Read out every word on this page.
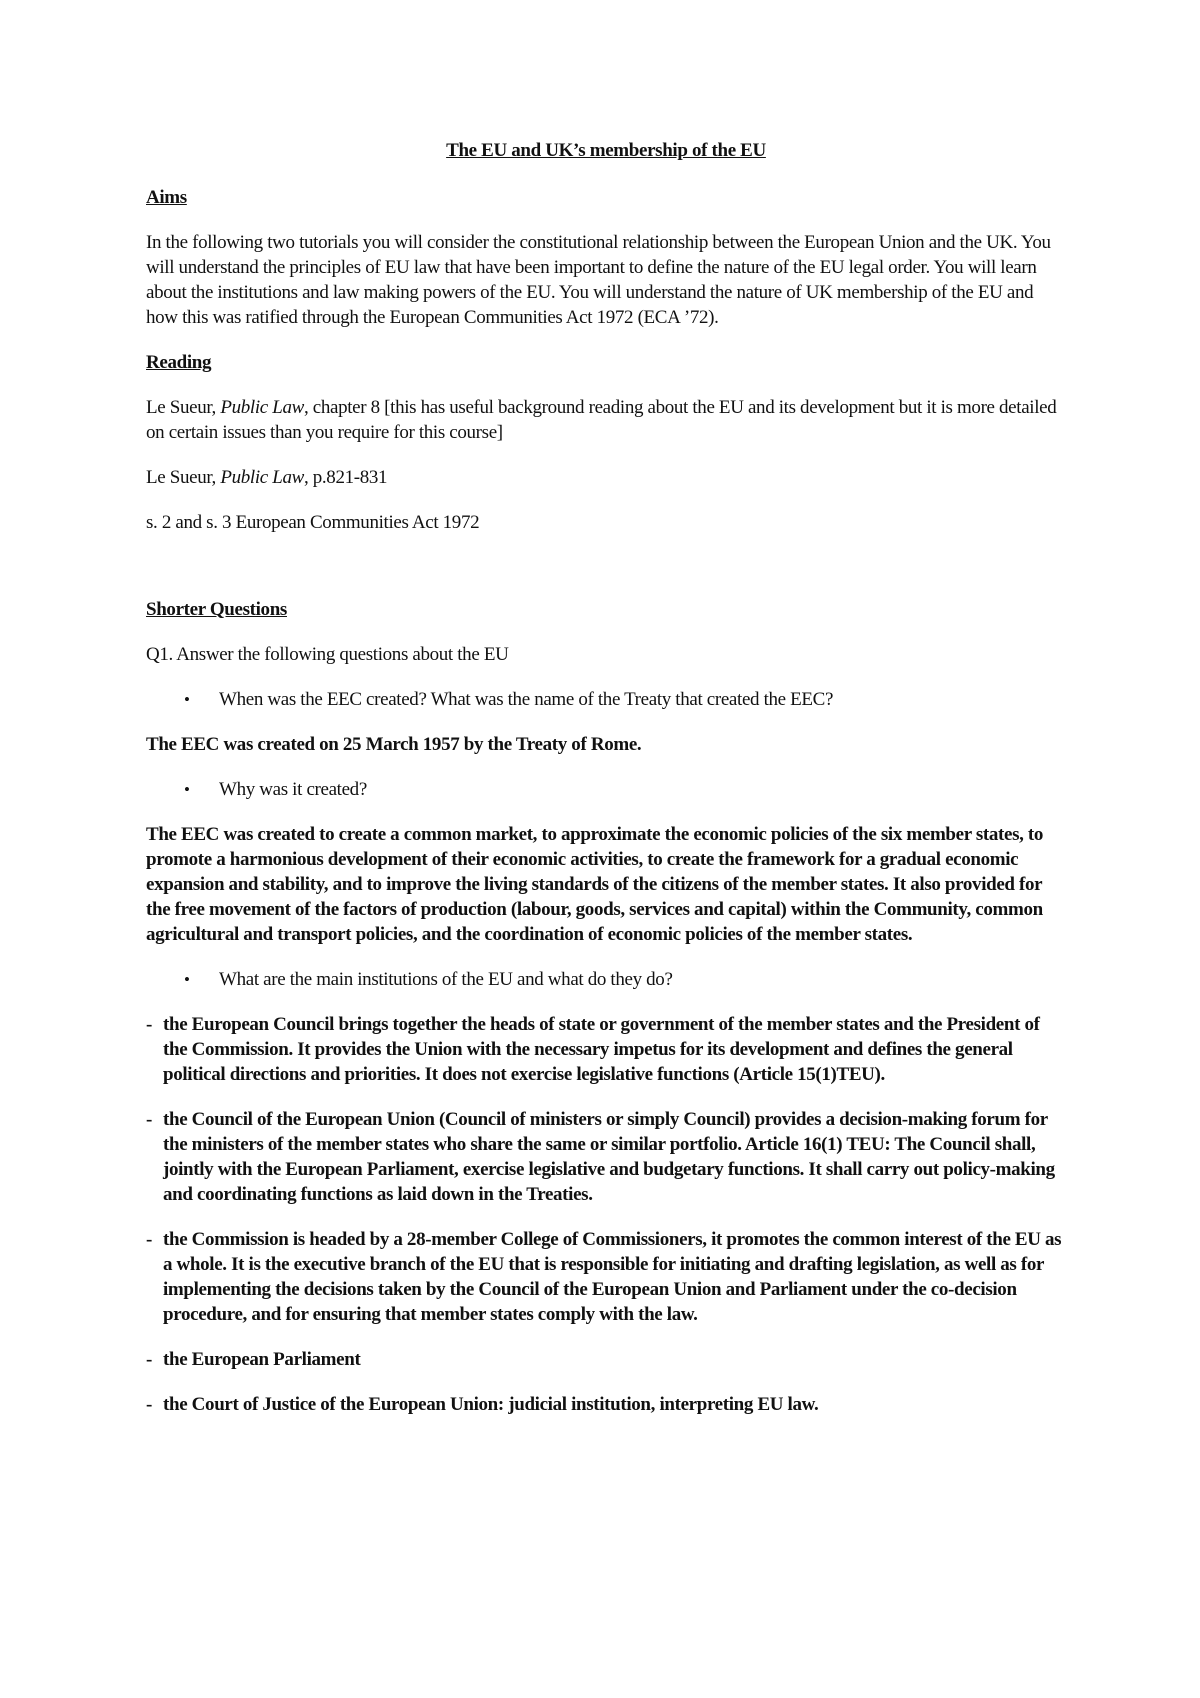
The EU and UK’s membership of the EU
Aims

In the following two tutorials you will consider the constitutional relationship between the European Union and the UK. You will understand the principles of EU law that have been important to define the nature of the EU legal order. You will learn about the institutions and law making powers of the EU. You will understand the nature of UK membership of the EU and how this was ratified through the European Communities Act 1972 (ECA ’72).

Reading

Le Sueur, Public Law, chapter 8 [this has useful background reading about the EU and its development but it is more detailed on certain issues than you require for this course]

Le Sueur, Public Law, p.821-831

s. 2 and s. 3 European Communities Act 1972

Shorter Questions

Q1. Answer the following questions about the EU

• When was the EEC created? What was the name of the Treaty that created the EEC?

The EEC was created on 25 March 1957 by the Treaty of Rome.

• Why was it created?

The EEC was created to create a common market, to approximate the economic policies of the six member states, to promote a harmonious development of their economic activities, to create the framework for a gradual economic expansion and stability, and to improve the living standards of the citizens of the member states. It also provided for the free movement of the factors of production (labour, goods, services and capital) within the Community, common agricultural and transport policies, and the coordination of economic policies of the member states.

• What are the main institutions of the EU and what do they do?
- the European Council brings together the heads of state or government of the member states and the President of the Commission. It provides the Union with the necessary impetus for its development and defines the general political directions and priorities. It does not exercise legislative functions (Article 15(1)TEU).
- the Council of the European Union (Council of ministers or simply Council) provides a decision-making forum for the ministers of the member states who share the same or similar portfolio. Article 16(1) TEU: The Council shall, jointly with the European Parliament, exercise legislative and budgetary functions. It shall carry out policy-making and coordinating functions as laid down in the Treaties.
- the Commission is headed by a 28-member College of Commissioners, it promotes the common interest of the EU as a whole. It is the executive branch of the EU that is responsible for initiating and drafting legislation, as well as for implementing the decisions taken by the Council of the European Union and Parliament under the co-decision procedure, and for ensuring that member states comply with the law.
- the European Parliament
- the Court of Justice of the European Union: judicial institution, interpreting EU law.
